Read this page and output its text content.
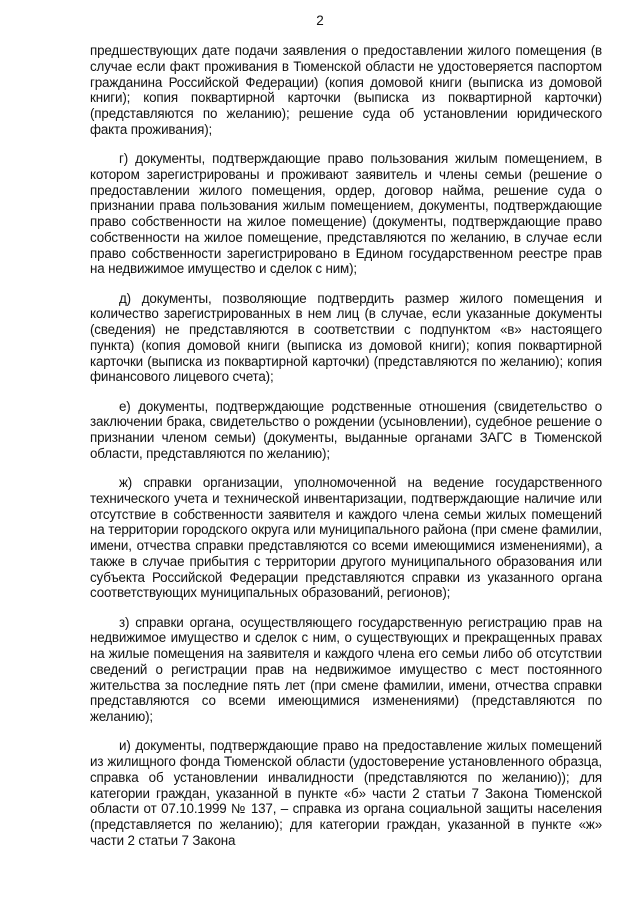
2

предшествующих дате подачи заявления о предоставлении жилого помещения (в случае если факт проживания в Тюменской области не удостоверяется паспортом гражданина Российской Федерации) (копия домовой книги (выписка из домовой книги); копия поквартирной карточки (выписка из поквартирной карточки) (представляются по желанию); решение суда об установлении юридического факта проживания);

г) документы, подтверждающие право пользования жилым помещением, в котором зарегистрированы и проживают заявитель и члены семьи (решение о предоставлении жилого помещения, ордер, договор найма, решение суда о признании права пользования жилым помещением, документы, подтверждающие право собственности на жилое помещение) (документы, подтверждающие право собственности на жилое помещение, представляются по желанию, в случае если право собственности зарегистрировано в Едином государственном реестре прав на недвижимое имущество и сделок с ним);

д) документы, позволяющие подтвердить размер жилого помещения и количество зарегистрированных в нем лиц (в случае, если указанные документы (сведения) не представляются в соответствии с подпунктом «в» настоящего пункта) (копия домовой книги (выписка из домовой книги); копия поквартирной карточки (выписка из поквартирной карточки) (представляются по желанию); копия финансового лицевого счета);

е) документы, подтверждающие родственные отношения (свидетельство о заключении брака, свидетельство о рождении (усыновлении), судебное решение о признании членом семьи) (документы, выданные органами ЗАГС в Тюменской области, представляются по желанию);

ж) справки организации, уполномоченной на ведение государственного технического учета и технической инвентаризации, подтверждающие наличие или отсутствие в собственности заявителя и каждого члена семьи жилых помещений на территории городского округа или муниципального района (при смене фамилии, имени, отчества справки представляются со всеми имеющимися изменениями), а также в случае прибытия с территории другого муниципального образования или субъекта Российской Федерации представляются справки из указанного органа соответствующих муниципальных образований, регионов);

з) справки органа, осуществляющего государственную регистрацию прав на недвижимое имущество и сделок с ним, о существующих и прекращенных правах на жилые помещения на заявителя и каждого члена его семьи либо об отсутствии сведений о регистрации прав на недвижимое имущество с мест постоянного жительства за последние пять лет (при смене фамилии, имени, отчества справки представляются со всеми имеющимися изменениями) (представляются по желанию);

и) документы, подтверждающие право на предоставление жилых помещений из жилищного фонда Тюменской области (удостоверение установленного образца, справка об установлении инвалидности (представляются по желанию)); для категории граждан, указанной в пункте «б» части 2 статьи 7 Закона Тюменской области от 07.10.1999 № 137, – справка из органа социальной защиты населения (представляется по желанию); для категории граждан, указанной в пункте «ж» части 2 статьи 7 Закона
